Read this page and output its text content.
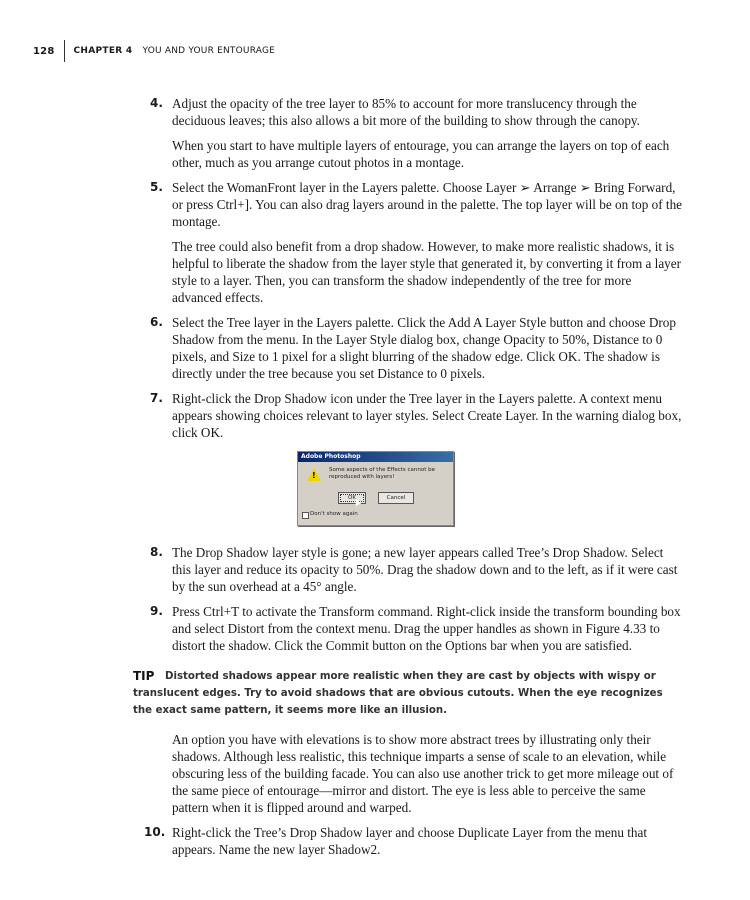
128 CHAPTER 4 YOU AND YOUR ENTOURAGE
4. Adjust the opacity of the tree layer to 85% to account for more translucency through the deciduous leaves; this also allows a bit more of the building to show through the canopy.

When you start to have multiple layers of entourage, you can arrange the layers on top of each other, much as you arrange cutout photos in a montage.

5. Select the WomanFront layer in the Layers palette. Choose Layer ➢ Arrange ➢ Bring Forward, or press Ctrl+]. You can also drag layers around in the palette. The top layer will be on top of the montage.

The tree could also benefit from a drop shadow. However, to make more realistic shadows, it is helpful to liberate the shadow from the layer style that generated it, by converting it from a layer style to a layer. Then, you can transform the shadow independently of the tree for more advanced effects.

6. Select the Tree layer in the Layers palette. Click the Add A Layer Style button and choose Drop Shadow from the menu. In the Layer Style dialog box, change Opacity to 50%, Distance to 0 pixels, and Size to 1 pixel for a slight blurring of the shadow edge. Click OK. The shadow is directly under the tree because you set Distance to 0 pixels.

7. Right-click the Drop Shadow icon under the Tree layer in the Layers palette. A context menu appears showing choices relevant to layer styles. Select Create Layer. In the warning dialog box, click OK.

Adobe Photoshop
!
Some aspects of the Effects cannot be reproduced with layers!
OK	Cancel
Don't show again
8. The Drop Shadow layer style is gone; a new layer appears called Tree’s Drop Shadow. Select this layer and reduce its opacity to 50%. Drag the shadow down and to the left, as if it were cast by the sun overhead at a 45° angle.

9. Press Ctrl+T to activate the Transform command. Right-click inside the transform bounding box and select Distort from the context menu. Drag the upper handles as shown in Figure 4.33 to distort the shadow. Click the Commit button on the Options bar when you are satisfied.

TIP	Distorted shadows appear more realistic when they are cast by objects with wispy or translucent edges. Try to avoid shadows that are obvious cutouts. When the eye recognizes the exact same pattern, it seems more like an illusion.
An option you have with elevations is to show more abstract trees by illustrating only their shadows. Although less realistic, this technique imparts a sense of scale to an elevation, while obscuring less of the building facade. You can also use another trick to get more mileage out of the same piece of entourage—mirror and distort. The eye is less able to perceive the same pattern when it is flipped around and warped.
10. Right-click the Tree’s Drop Shadow layer and choose Duplicate Layer from the menu that appears. Name the new layer Shadow2.
